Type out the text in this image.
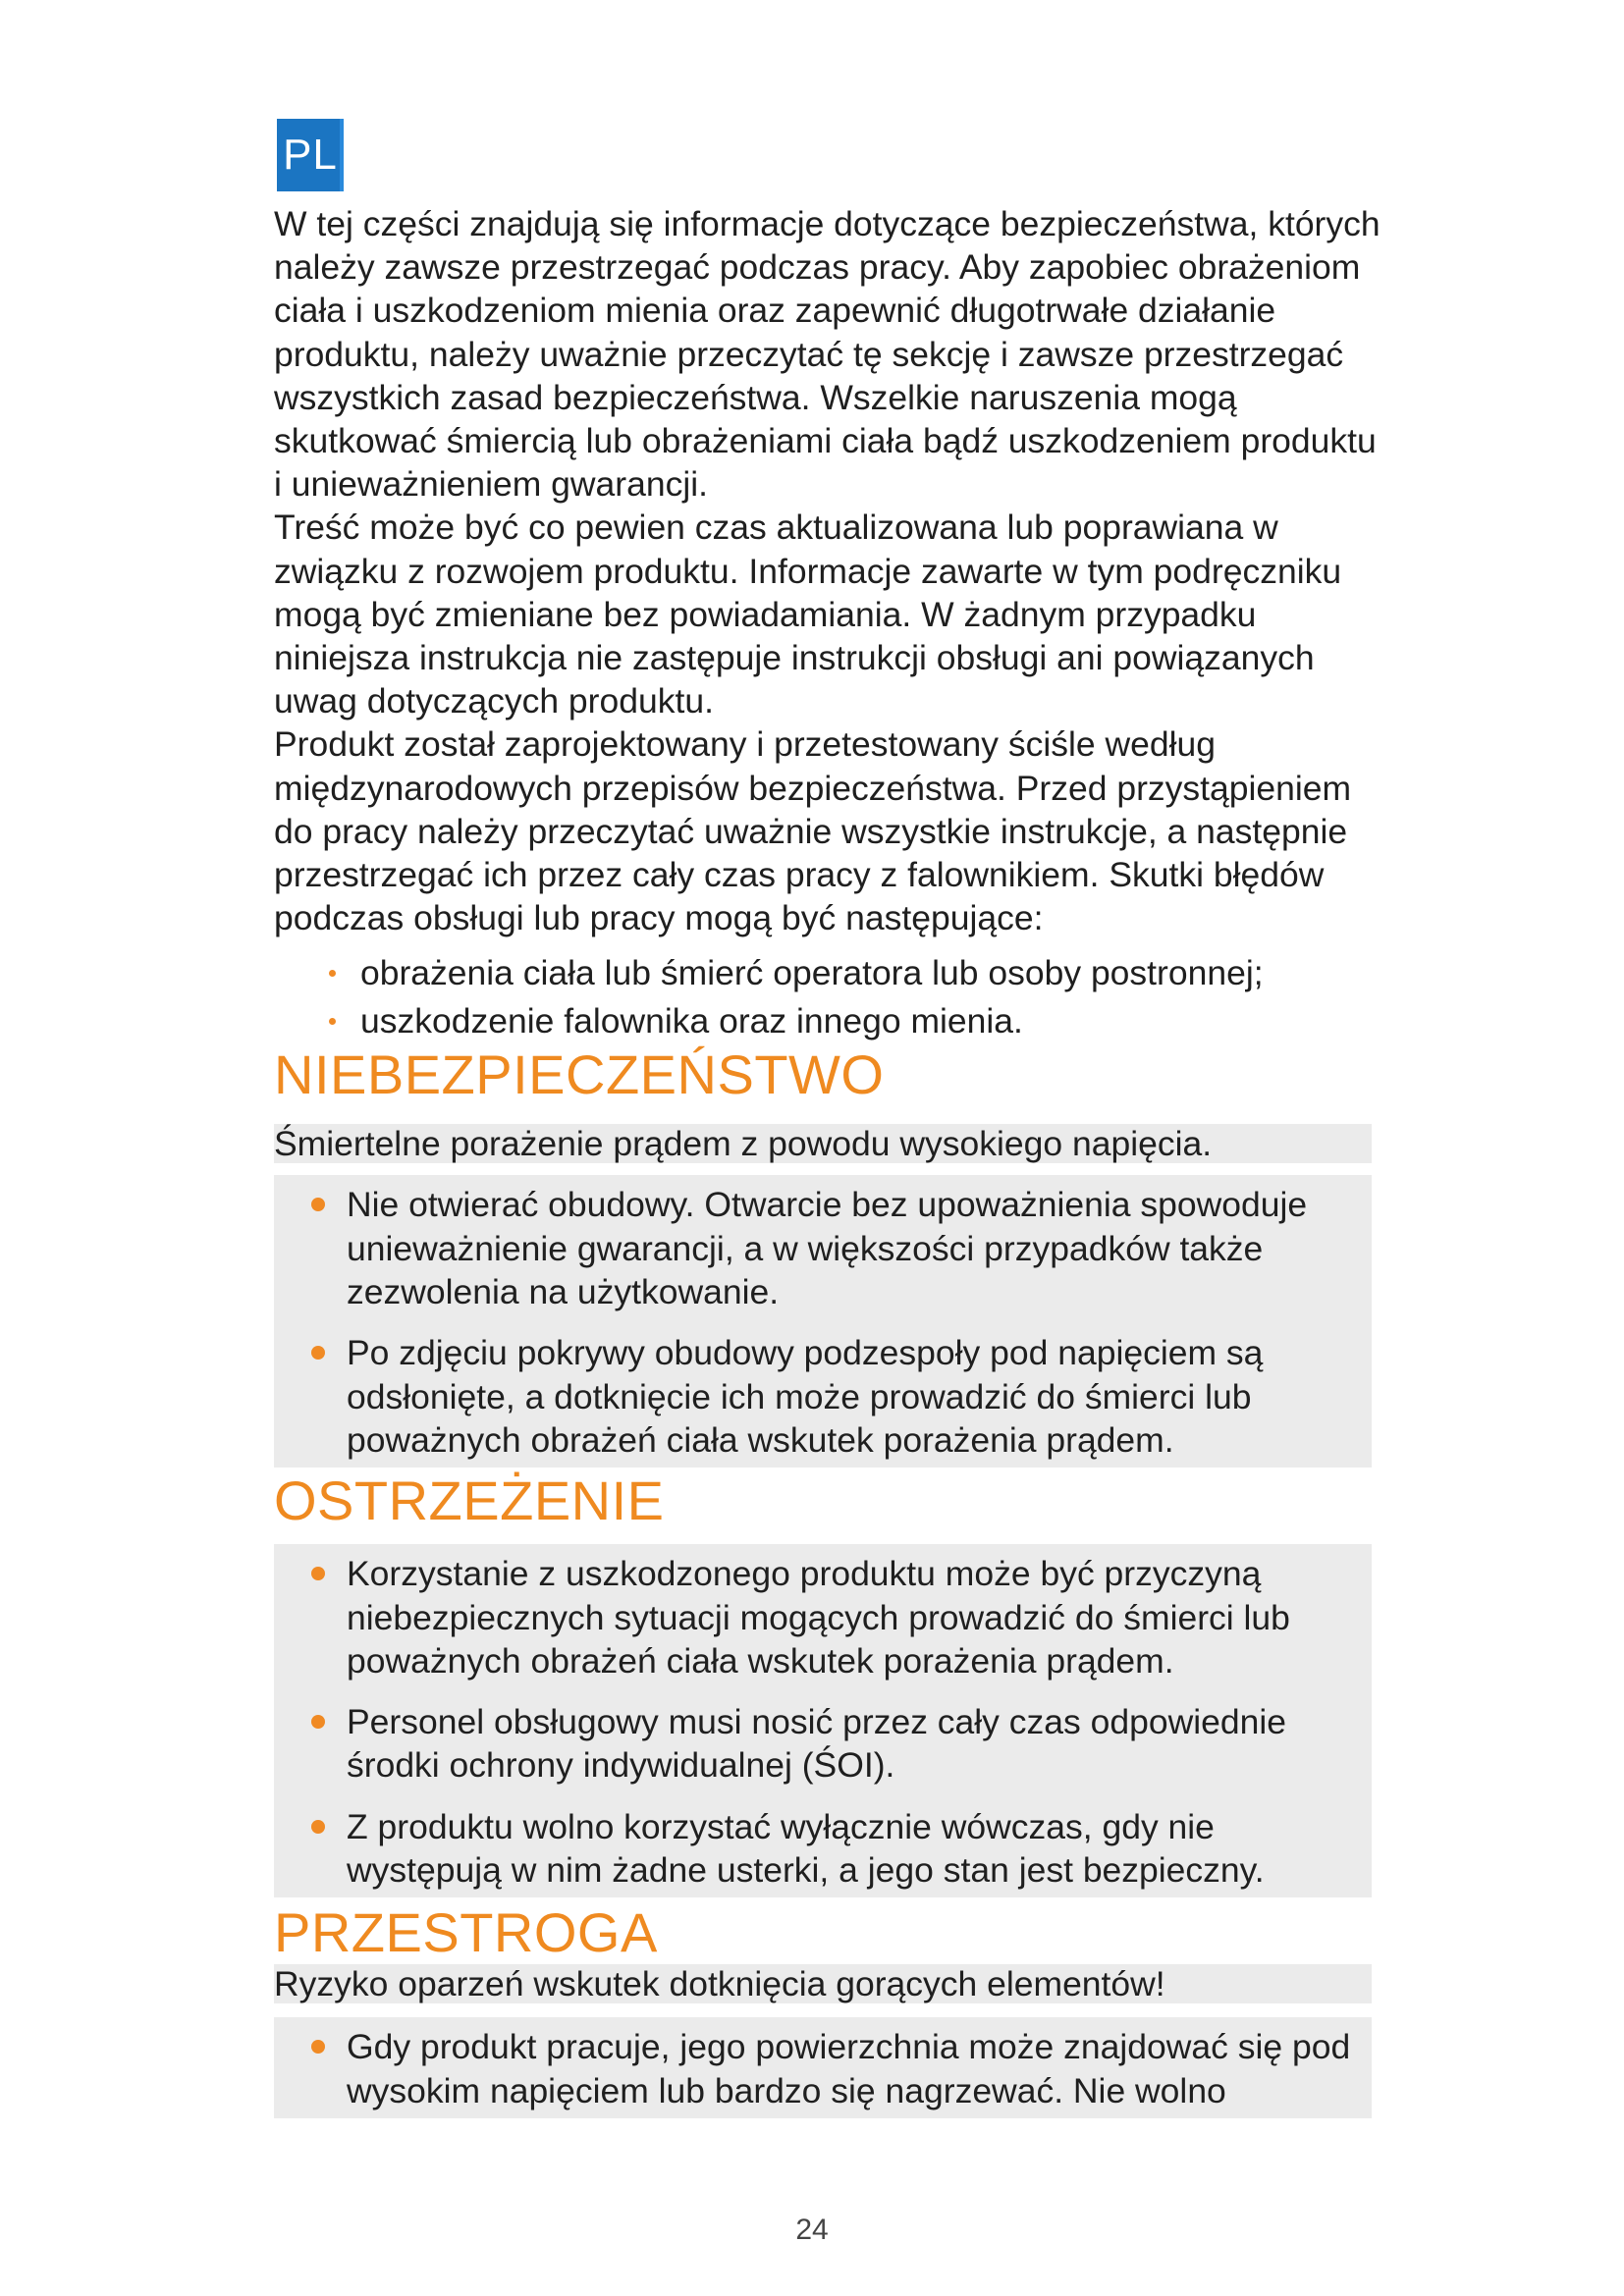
PL

W tej części znajdują się informacje dotyczące bezpieczeństwa, których należy zawsze przestrzegać podczas pracy. Aby zapobiec obrażeniom ciała i uszkodzeniom mienia oraz zapewnić długotrwałe działanie produktu, należy uważnie przeczytać tę sekcję i zawsze przestrzegać wszystkich zasad bezpieczeństwa. Wszelkie naruszenia mogą skutkować śmiercią lub obrażeniami ciała bądź uszkodzeniem produktu i unieważnieniem gwarancji.

Treść może być co pewien czas aktualizowana lub poprawiana w związku z rozwojem produktu. Informacje zawarte w tym podręczniku mogą być zmieniane bez powiadamiania. W żadnym przypadku niniejsza instrukcja nie zastępuje instrukcji obsługi ani powiązanych uwag dotyczących produktu.

Produkt został zaprojektowany i przetestowany ściśle według międzynarodowych przepisów bezpieczeństwa. Przed przystąpieniem do pracy należy przeczytać uważnie wszystkie instrukcje, a następnie przestrzegać ich przez cały czas pracy z falownikiem. Skutki błędów podczas obsługi lub pracy mogą być następujące:

obrażenia ciała lub śmierć operatora lub osoby postronnej;
uszkodzenie falownika oraz innego mienia.
NIEBEZPIECZEŃSTWO

Śmiertelne porażenie prądem z powodu wysokiego napięcia.

Nie otwierać obudowy. Otwarcie bez upoważnienia spowoduje unieważnienie gwarancji, a w większości przypadków także zezwolenia na użytkowanie.
Po zdjęciu pokrywy obudowy podzespoły pod napięciem są odsłonięte, a dotknięcie ich może prowadzić do śmierci lub poważnych obrażeń ciała wskutek porażenia prądem.
OSTRZEŻENIE
Korzystanie z uszkodzonego produktu może być przyczyną niebezpiecznych sytuacji mogących prowadzić do śmierci lub poważnych obrażeń ciała wskutek porażenia prądem.
Personel obsługowy musi nosić przez cały czas odpowiednie środki ochrony indywidualnej (ŚOI).
Z produktu wolno korzystać wyłącznie wówczas, gdy nie występują w nim żadne usterki, a jego stan jest bezpieczny.
PRZESTROGA

Ryzyko oparzeń wskutek dotknięcia gorących elementów!

Gdy produkt pracuje, jego powierzchnia może znajdować się pod wysokim napięciem lub bardzo się nagrzewać. Nie wolno
24
